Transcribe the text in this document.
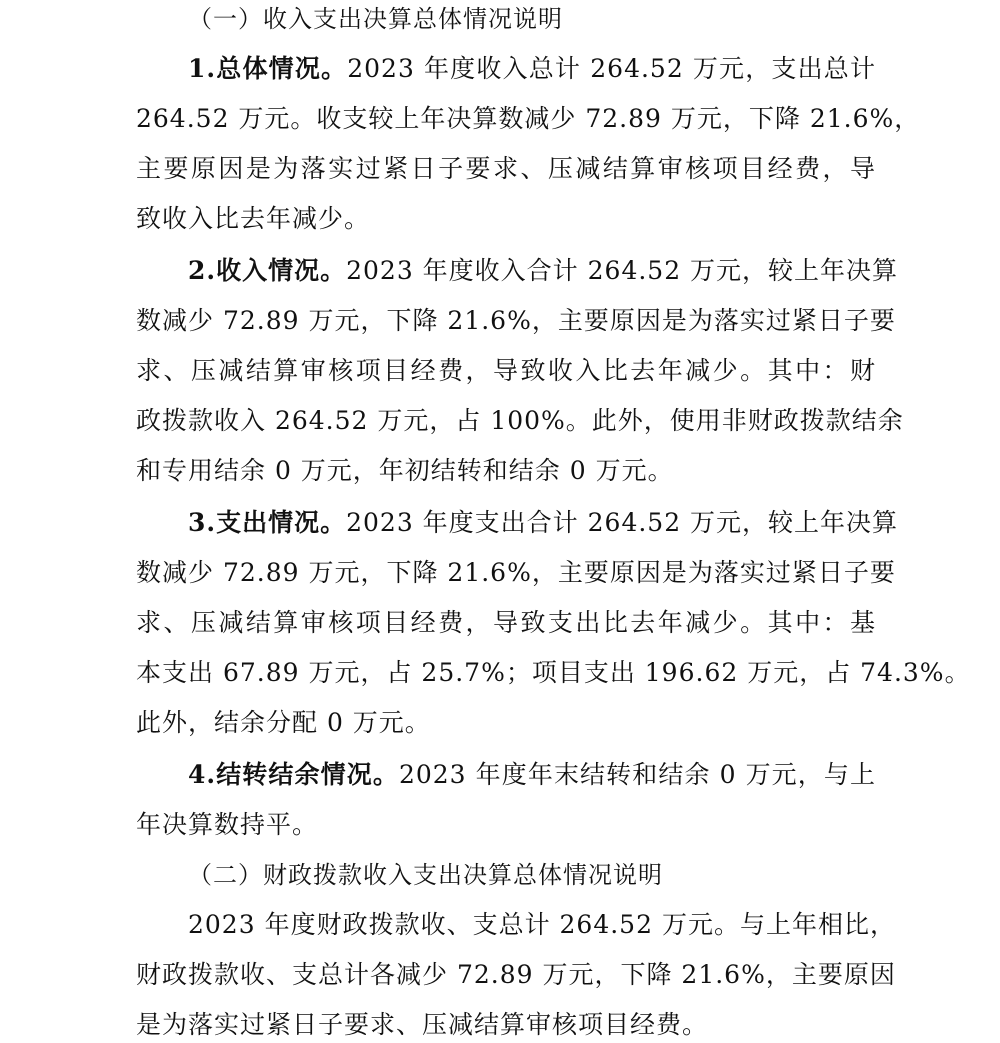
（一）收入支出决算总体情况说明
1.总体情况。2023 年度收入总计 264.52 万元，支出总计
264.52 万元。收支较上年决算数减少 72.89 万元，下降 21.6%，
主要原因是为落实过紧日子要求、压减结算审核项目经费，导
致收入比去年减少。
2.收入情况。2023 年度收入合计 264.52 万元，较上年决算
数减少 72.89 万元，下降 21.6%，主要原因是为落实过紧日子要
求、压减结算审核项目经费，导致收入比去年减少。其中：财
政拨款收入 264.52 万元，占 100%。此外，使用非财政拨款结余
和专用结余 0 万元，年初结转和结余 0 万元。
3.支出情况。2023 年度支出合计 264.52 万元，较上年决算
数减少 72.89 万元，下降 21.6%，主要原因是为落实过紧日子要
求、压减结算审核项目经费，导致支出比去年减少。其中：基
本支出 67.89 万元，占 25.7%；项目支出 196.62 万元，占 74.3%。
此外，结余分配 0 万元。
4.结转结余情况。2023 年度年末结转和结余 0 万元，与上
年决算数持平。
（二）财政拨款收入支出决算总体情况说明
2023 年度财政拨款收、支总计 264.52 万元。与上年相比，
财政拨款收、支总计各减少 72.89 万元，下降 21.6%，主要原因
是为落实过紧日子要求、压减结算审核项目经费。
